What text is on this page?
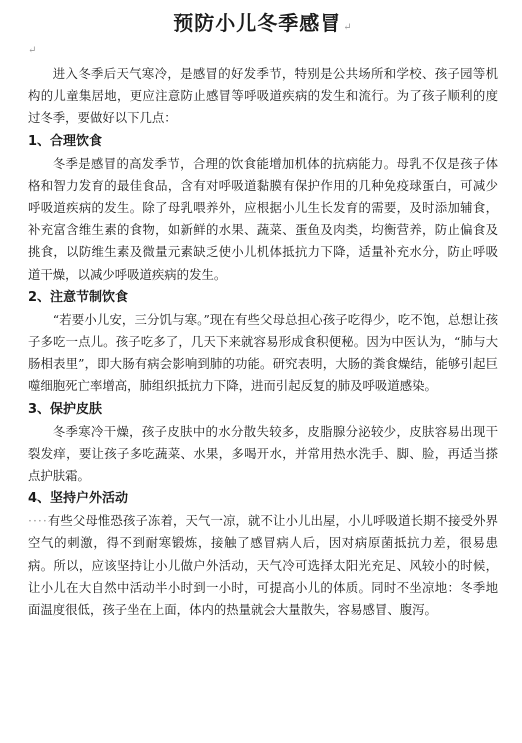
预防小儿冬季感冒 ↵
↵

进入冬季后天气寒冷，是感冒的好发季节，特别是公共场所和学校、孩子园等机构的儿童集居地，更应注意防止感冒等呼吸道疾病的发生和流行。为了孩子顺利的度过冬季，要做好以下几点：

1、合理饮食

冬季是感冒的高发季节，合理的饮食能增加机体的抗病能力。母乳不仅是孩子体格和智力发育的最佳食品，含有对呼吸道黏膜有保护作用的几种免疫球蛋白，可减少呼吸道疾病的发生。除了母乳喂养外，应根据小儿生长发育的需要，及时添加辅食，补充富含维生素的食物，如新鲜的水果、蔬菜、蛋鱼及肉类，均衡营养，防止偏食及挑食，以防维生素及微量元素缺乏使小儿机体抵抗力下降，适量补充水分，防止呼吸道干燥，以减少呼吸道疾病的发生。

2、注意节制饮食

“若要小儿安，三分饥与寒。”现在有些父母总担心孩子吃得少，吃不饱，总想让孩子多吃一点儿。孩子吃多了，几天下来就容易形成食积便秘。因为中医认为，“肺与大肠相表里”，即大肠有病会影响到肺的功能。研究表明，大肠的粪食燥结，能够引起巨噬细胞死亡率增高，肺组织抵抗力下降，进而引起反复的肺及呼吸道感染。

3、保护皮肤

冬季寒冷干燥，孩子皮肤中的水分散失较多，皮脂腺分泌较少，皮肤容易出现干裂发痒，要让孩子多吃蔬菜、水果，多喝开水，并常用热水洗手、脚、脸，再适当搽点护肤霜。

4、坚持户外活动

····有些父母惟恐孩子冻着，天气一凉，就不让小儿出屋，小儿呼吸道长期不接受外界空气的刺激，得不到耐寒锻炼，接触了感冒病人后，因对病原菌抵抗力差，很易患病。所以，应该坚持让小儿做户外活动，天气冷可选择太阳光充足、风较小的时候，让小儿在大自然中活动半小时到一小时，可提高小儿的体质。同时不坐凉地：冬季地面温度很低，孩子坐在上面，体内的热量就会大量散失，容易感冒、腹泻。
